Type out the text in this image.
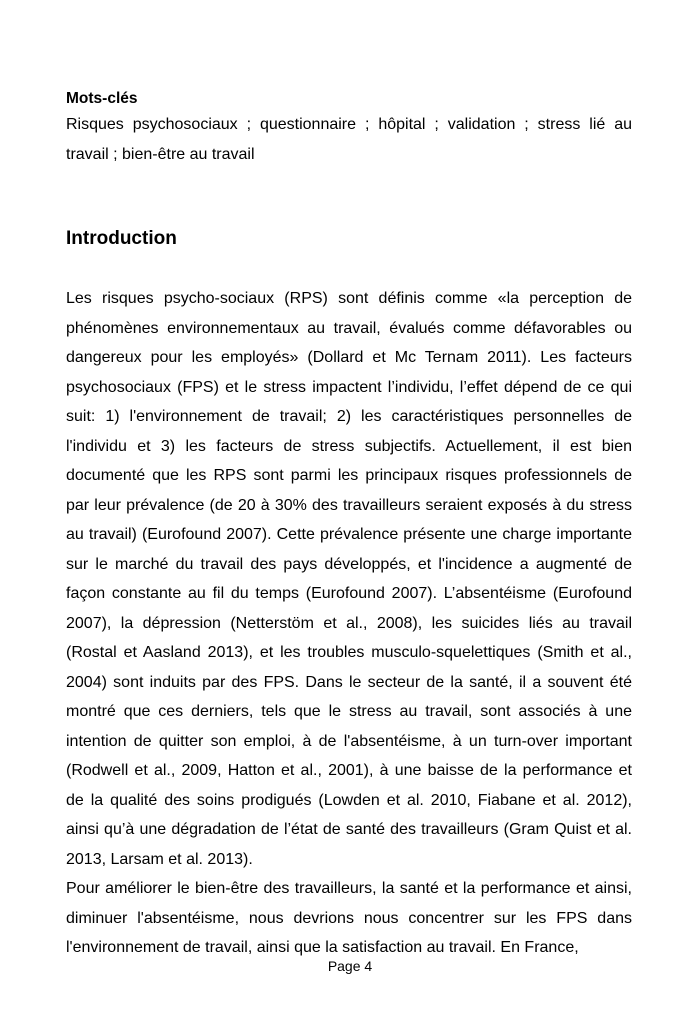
Mots-clés
Risques psychosociaux ; questionnaire ; hôpital ; validation ; stress lié au
travail ; bien-être au travail
Introduction
Les risques psycho-sociaux (RPS) sont définis comme «la perception de
phénomènes environnementaux au travail, évalués comme défavorables ou
dangereux pour les employés» (Dollard et Mc Ternam 2011). Les facteurs
psychosociaux (FPS) et le stress impactent l’individu, l’effet dépend de ce qui
suit: 1) l'environnement de travail; 2) les caractéristiques personnelles de
l'individu et 3) les facteurs de stress subjectifs. Actuellement, il est bien
documenté que les RPS sont parmi les principaux risques professionnels de
par leur prévalence (de 20 à 30% des travailleurs seraient exposés à du stress
au travail) (Eurofound 2007). Cette prévalence présente une charge importante
sur le marché du travail des pays développés, et l'incidence a augmenté de
façon constante au fil du temps (Eurofound 2007). L’absentéisme (Eurofound
2007), la dépression (Netterstöm et al., 2008), les suicides liés au travail
(Rostal et Aasland 2013), et les troubles musculo-squelettiques (Smith et al.,
2004) sont induits par des FPS. Dans le secteur de la santé, il a souvent été
montré que ces derniers, tels que le stress au travail, sont associés à une
intention de quitter son emploi, à de l'absentéisme, à un turn-over important
(Rodwell et al., 2009, Hatton et al., 2001), à une baisse de la performance et
de la qualité des soins prodigués (Lowden et al. 2010, Fiabane et al. 2012),
ainsi qu’à une dégradation de l’état de santé des travailleurs (Gram Quist et al.
2013, Larsam et al. 2013).
Pour améliorer le bien-être des travailleurs, la santé et la performance et ainsi,
diminuer l'absentéisme, nous devrions nous concentrer sur les FPS dans
l'environnement de travail, ainsi que la satisfaction au travail. En France,
Page 4
